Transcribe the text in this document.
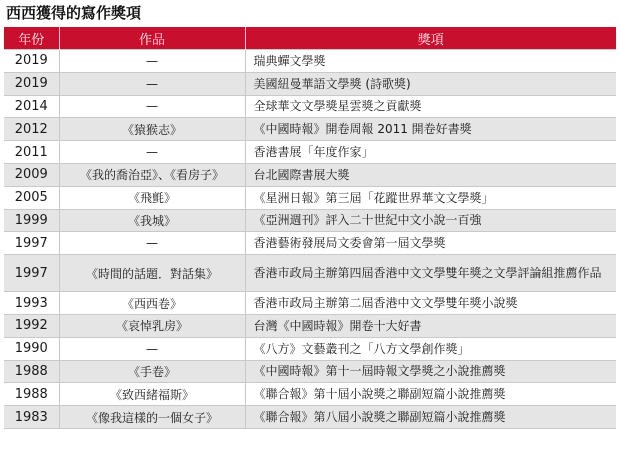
西西獲得的寫作獎項
年份	作品	獎項
2019	—	瑞典蟬文學獎
2019	—	美國紐曼華語文學獎 (詩歌獎)
2014	—	全球華文文學獎星雲獎之貢獻獎
2012	《猿猴志》	《中國時報》開卷周報 2011 開卷好書獎
2011	—	香港書展「年度作家」
2009	《我的喬治亞》、《看房子》	台北國際書展大獎
2005	《飛氈》	《星洲日報》第三屆「花蹤世界華文文學獎」
1999	《我城》	《亞洲週刊》評入二十世紀中文小說一百強
1997	—	香港藝術發展局文委會第一屆文學獎
1997	《時間的話題．對話集》	香港市政局主辦第四屆香港中文文學雙年獎之文學評論組推薦作品
1993	《西西卷》	香港市政局主辦第二屆香港中文文學雙年獎小說獎
1992	《哀悼乳房》	台灣《中國時報》開卷十大好書
1990	—	《八方》文藝叢刊之「八方文學創作獎」
1988	《手卷》	《中國時報》第十一屆時報文學獎之小說推薦獎
1988	《致西緒福斯》	《聯合報》第十屆小說獎之聯副短篇小說推薦獎
1983	《像我這樣的一個女子》	《聯合報》第八屆小說獎之聯副短篇小說推薦獎
